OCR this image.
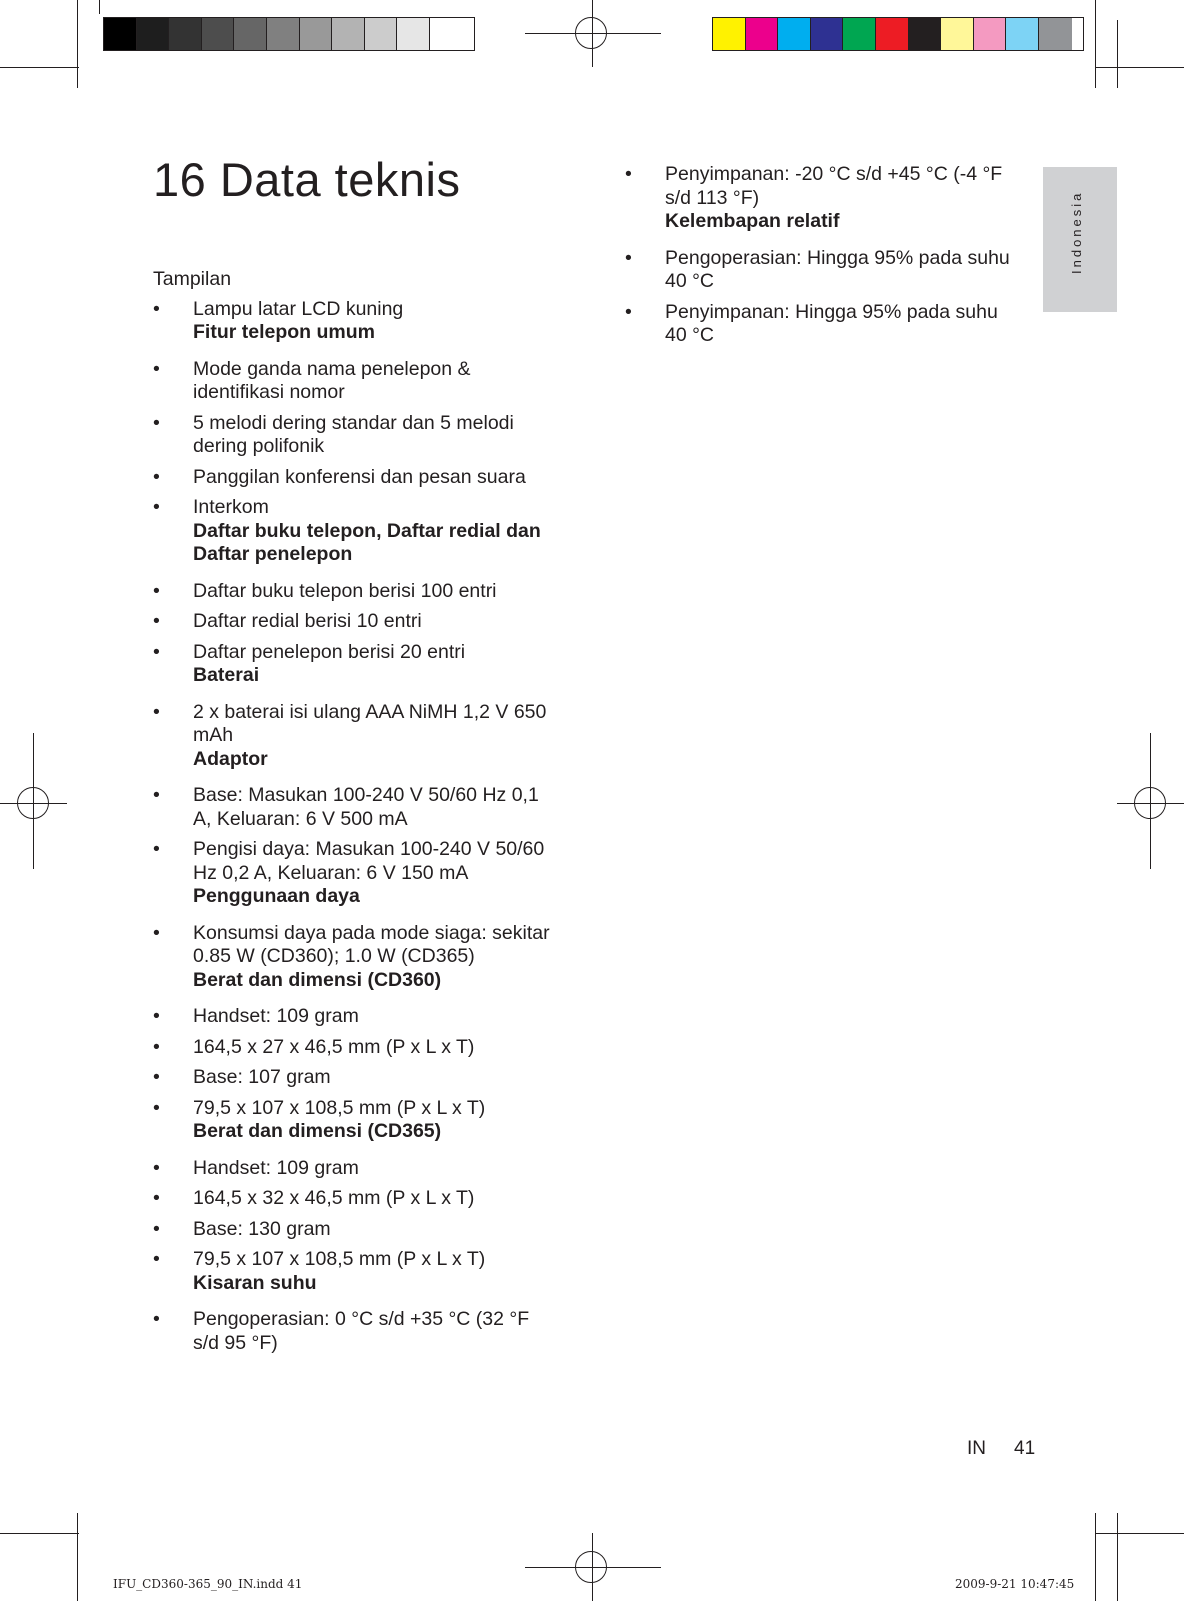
16 Data teknis
Indonesia
Tampilan
• Lampu latar LCD kuning
Fitur telepon umum
• Mode ganda nama penelepon & identifikasi nomor
• 5 melodi dering standar dan 5 melodi dering polifonik
• Panggilan konferensi dan pesan suara
• Interkom
Daftar buku telepon, Daftar redial dan Daftar penelepon
• Daftar buku telepon berisi 100 entri
• Daftar redial berisi 10 entri
• Daftar penelepon berisi 20 entri
Baterai
• 2 x baterai isi ulang AAA NiMH 1,2 V 650 mAh
Adaptor
• Base: Masukan 100-240 V 50/60 Hz 0,1 A, Keluaran: 6 V 500 mA
• Pengisi daya: Masukan 100-240 V 50/60 Hz 0,2 A, Keluaran: 6 V 150 mA
Penggunaan daya
• Konsumsi daya pada mode siaga: sekitar 0.85 W (CD360); 1.0 W (CD365)
Berat dan dimensi (CD360)
• Handset: 109 gram
• 164,5 x 27 x 46,5 mm (P x L x T)
• Base: 107 gram
• 79,5 x 107 x 108,5 mm (P x L x T)
Berat dan dimensi (CD365)
• Handset: 109 gram
• 164,5 x 32 x 46,5 mm (P x L x T)
• Base: 130 gram
• 79,5 x 107 x 108,5 mm (P x L x T)
Kisaran suhu
• Pengoperasian: 0 °C s/d +35 °C (32 °F s/d 95 °F)
• Penyimpanan: -20 °C s/d +45 °C (-4 °F s/d 113 °F)
Kelembapan relatif
• Pengoperasian: Hingga 95% pada suhu 40 °C
• Penyimpanan: Hingga 95% pada suhu 40 °C
IN 41
IFU_CD360-365_90_IN.indd 41	2009-9-21 10:47:45
